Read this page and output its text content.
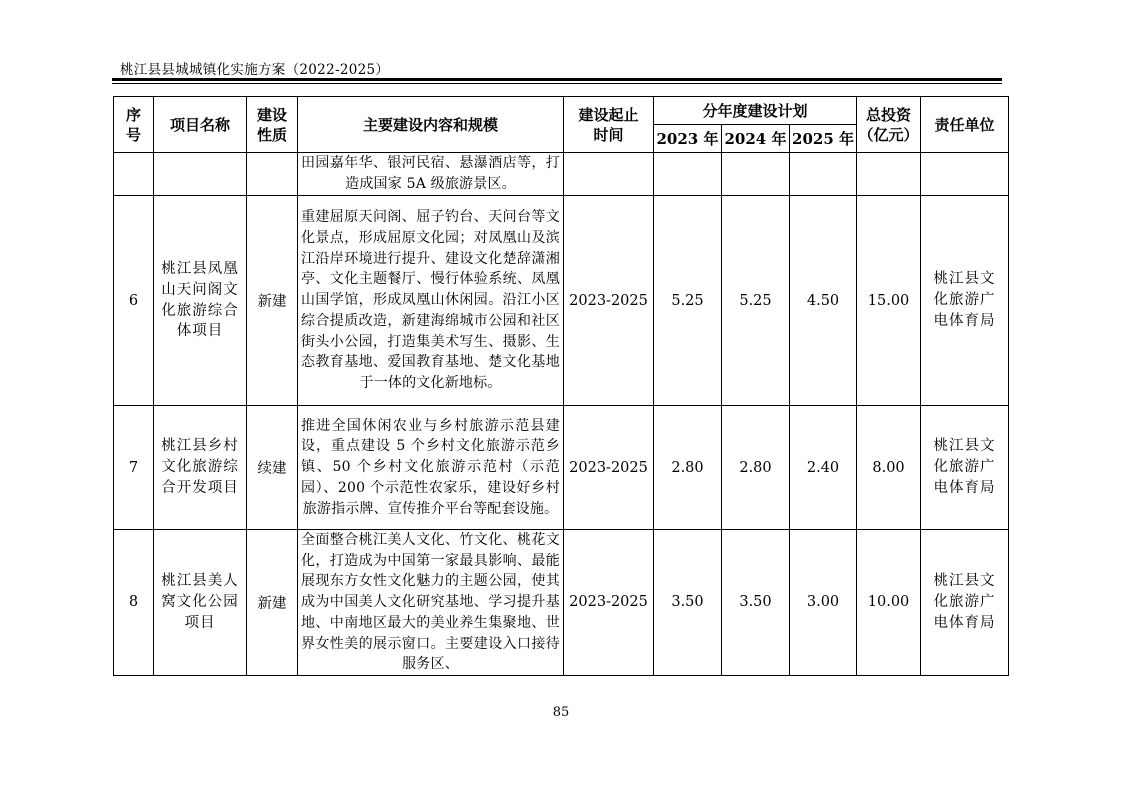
桃江县县城城镇化实施方案（2022-2025）
序号	项目名称	建设性质	主要建设内容和规模	建设起止时间	分年度建设计划			总投资（亿元）	责任单位
					2023 年	2024 年	2025 年		

			田园嘉年华、银河民宿、悬瀑酒店等，打造成国家 5A 级旅游景区。						

6	桃江县凤凰山天问阁文化旅游综合体项目	新建	重建屈原天问阁、屈子钓台、天问台等文化景点，形成屈原文化园；对凤凰山及滨江沿岸环境进行提升、建设文化楚辞潇湘亭、文化主题餐厅、慢行体验系统、凤凰山国学馆，形成凤凰山休闲园。沿江小区综合提质改造，新建海绵城市公园和社区街头小公园，打造集美术写生、摄影、生态教育基地、爱国教育基地、楚文化基地于一体的文化新地标。	2023-2025	5.25	5.25	4.50	15.00	桃江县文化旅游广电体育局

7	桃江县乡村文化旅游综合开发项目	续建	推进全国休闲农业与乡村旅游示范县建设，重点建设 5 个乡村文化旅游示范乡镇、50 个乡村文化旅游示范村（示范园）、200 个示范性农家乐，建设好乡村旅游指示牌、宣传推介平台等配套设施。	2023-2025	2.80	2.80	2.40	8.00	桃江县文化旅游广电体育局

8	桃江县美人窝文化公园项目	新建	全面整合桃江美人文化、竹文化、桃花文化，打造成为中国第一家最具影响、最能展现东方女性文化魅力的主题公园，使其成为中国美人文化研究基地、学习提升基地、中南地区最大的美业养生集聚地、世界女性美的展示窗口。主要建设入口接待服务区、	2023-2025	3.50	3.50	3.00	10.00	桃江县文化旅游广电体育局
85
